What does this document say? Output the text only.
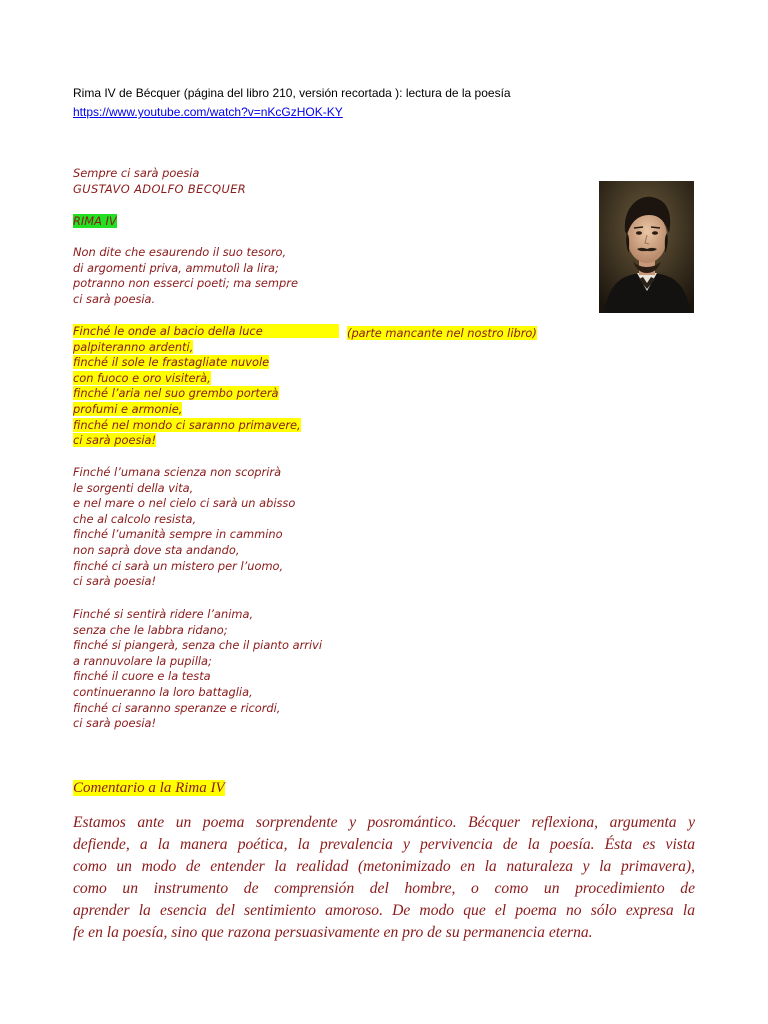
Rima IV de Bécquer (página del libro 210, versión recortada ): lectura de la poesía
https://www.youtube.com/watch?v=nKcGzHOK-KY
Sempre ci sarà poesia
GUSTAVO ADOLFO BECQUER
RIMA IV
Non dite che esaurendo il suo tesoro,
di argomenti priva, ammutolì la lira;
potranno non esserci poeti; ma sempre
ci sarà poesia.
Finché le onde al bacio della luce
palpiteranno ardenti,
finché il sole le frastagliate nuvole
con fuoco e oro visiterà,
finché l’aria nel suo grembo porterà
profumi e armonie,
finché nel mondo ci saranno primavere,
ci sarà poesia!
(parte mancante nel nostro libro)
Finché l’umana scienza non scoprirà
le sorgenti della vita,
e nel mare o nel cielo ci sarà un abisso
che al calcolo resista,
finché l’umanità sempre in cammino
non saprà dove sta andando,
finché ci sarà un mistero per l’uomo,
ci sarà poesia!
Finché si sentirà ridere l’anima,
senza che le labbra ridano;
finché si piangerà, senza che il pianto arrivi
a rannuvolare la pupilla;
finché il cuore e la testa
continueranno la loro battaglia,
finché ci saranno speranze e ricordi,
ci sarà poesia!
Comentario a la Rima IV
Estamos ante un poema sorprendente y posromántico. Bécquer reflexiona, argumenta y
defiende, a la manera poética, la prevalencia y pervivencia de la poesía. Ésta es vista
como un modo de entender la realidad (metonimizado en la naturaleza y la primavera),
como un instrumento de comprensión del hombre, o como un procedimiento de
aprender la esencia del sentimiento amoroso. De modo que el poema no sólo expresa la
fe en la poesía, sino que razona persuasivamente en pro de su permanencia eterna.
